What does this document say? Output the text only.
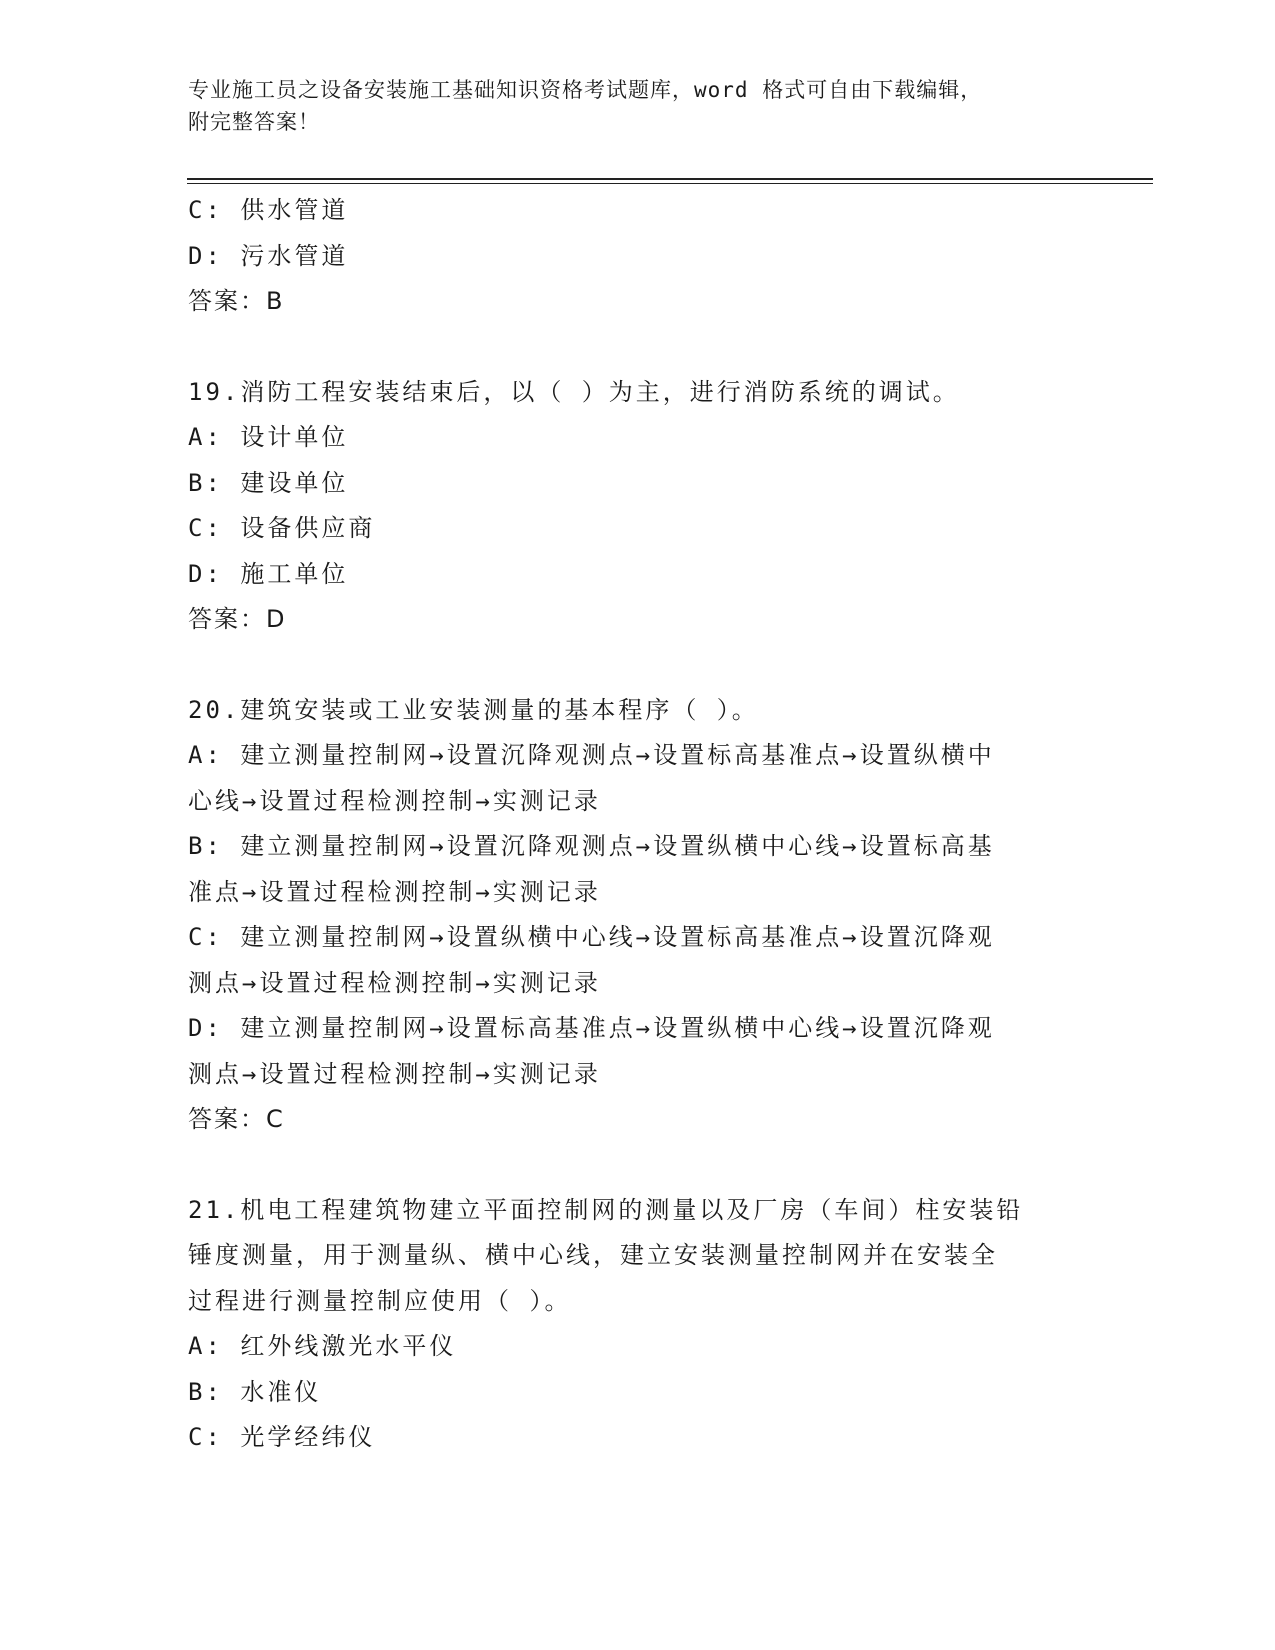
专业施工员之设备安装施工基础知识资格考试题库，word 格式可自由下载编辑，
附完整答案！
C: 供水管道
D: 污水管道
答案：B
19.消防工程安装结束后，以（ ）为主，进行消防系统的调试。
A: 设计单位
B: 建设单位
C: 设备供应商
D: 施工单位
答案：D
20.建筑安装或工业安装测量的基本程序（ ）。
A: 建立测量控制网→设置沉降观测点→设置标高基准点→设置纵横中
心线→设置过程检测控制→实测记录
B: 建立测量控制网→设置沉降观测点→设置纵横中心线→设置标高基
准点→设置过程检测控制→实测记录
C: 建立测量控制网→设置纵横中心线→设置标高基准点→设置沉降观
测点→设置过程检测控制→实测记录
D: 建立测量控制网→设置标高基准点→设置纵横中心线→设置沉降观
测点→设置过程检测控制→实测记录
答案：C
21.机电工程建筑物建立平面控制网的测量以及厂房（车间）柱安装铅
锤度测量，用于测量纵、横中心线，建立安装测量控制网并在安装全
过程进行测量控制应使用（ ）。
A: 红外线激光水平仪
B: 水准仪
C: 光学经纬仪
